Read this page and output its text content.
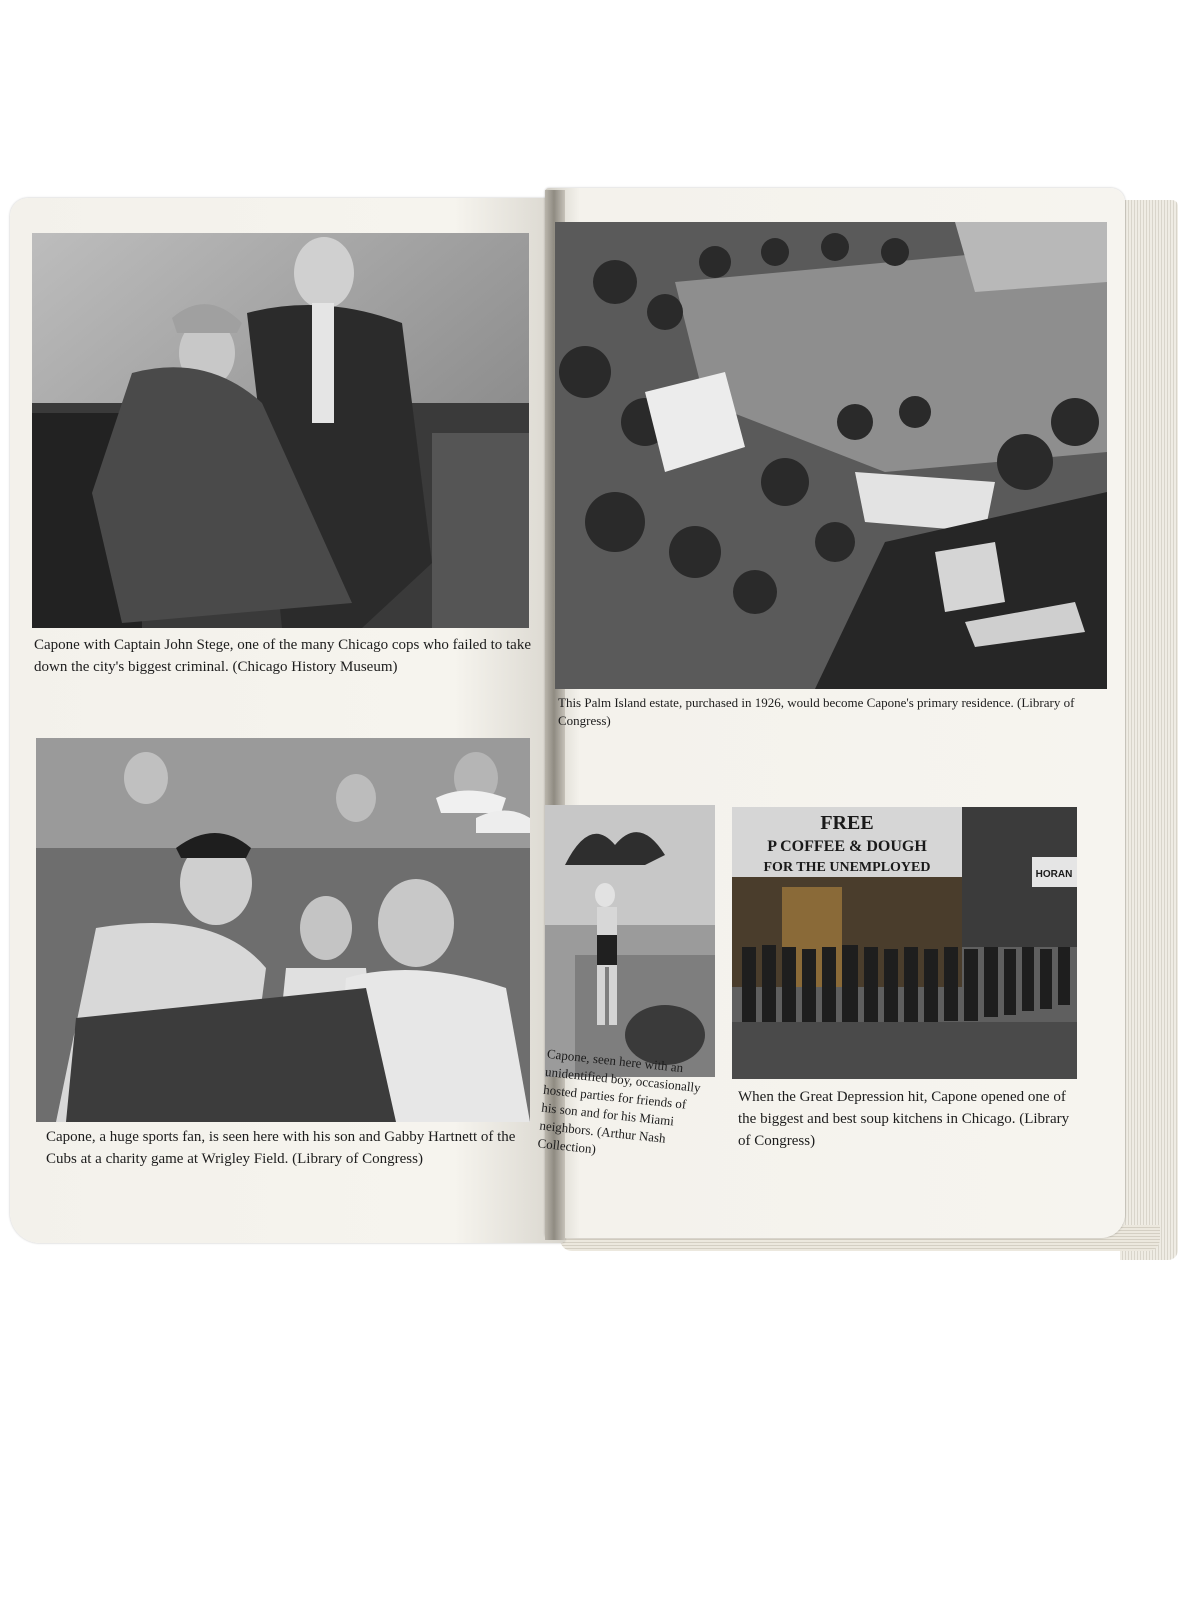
Capone with Captain John Stege, one of the many Chicago cops who failed to take down the city's biggest criminal. (Chicago History Museum)
Capone, a huge sports fan, is seen here with his son and Gabby Hartnett of the Cubs at a charity game at Wrigley Field. (Library of Congress)
This Palm Island estate, purchased in 1926, would become Capone's primary residence. (Library of Congress)
Capone, seen here with an unidentified boy, occasionally hosted parties for friends of his son and for his Miami neighbors. (Arthur Nash Collection)
FREE
P COFFEE & DOUGH
FOR THE UNEMPLOYED	HORAN
When the Great Depression hit, Capone opened one of the biggest and best soup kitchens in Chicago. (Library of Congress)
